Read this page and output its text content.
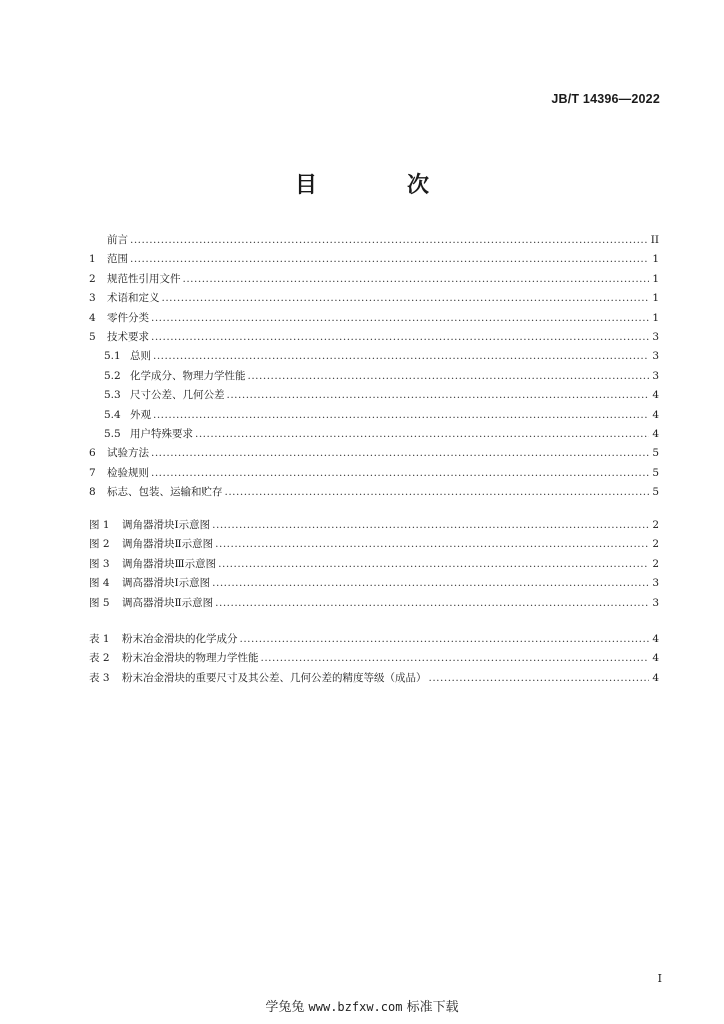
JB/T 14396—2022
目　次
前言 .....	II
1	范围 .....	1
2	规范性引用文件 .....	1
3	术语和定义 .....	1
4	零件分类 .....	1
5	技术要求 .....	3
5.1 总则 .....	3
5.2 化学成分、物理力学性能 .....	3
5.3 尺寸公差、几何公差 .....	4
5.4 外观 .....	4
5.5 用户特殊要求 .....	4
6	试验方法 .....	5
7	检验规则 .....	5
8	标志、包装、运输和贮存 .....	5
图 1	调角器滑块Ⅰ示意图 .....	2
图 2	调角器滑块Ⅱ示意图 .....	2
图 3	调角器滑块Ⅲ示意图 .....	2
图 4	调高器滑块Ⅰ示意图 .....	3
图 5	调高器滑块Ⅱ示意图 .....	3
表 1	粉末冶金滑块的化学成分 .....	4
表 2	粉末冶金滑块的物理力学性能 .....	4
表 3	粉末冶金滑块的重要尺寸及其公差、几何公差的精度等级（成品） .....	4
I
学兔兔 www.bzfxw.com 标准下载
